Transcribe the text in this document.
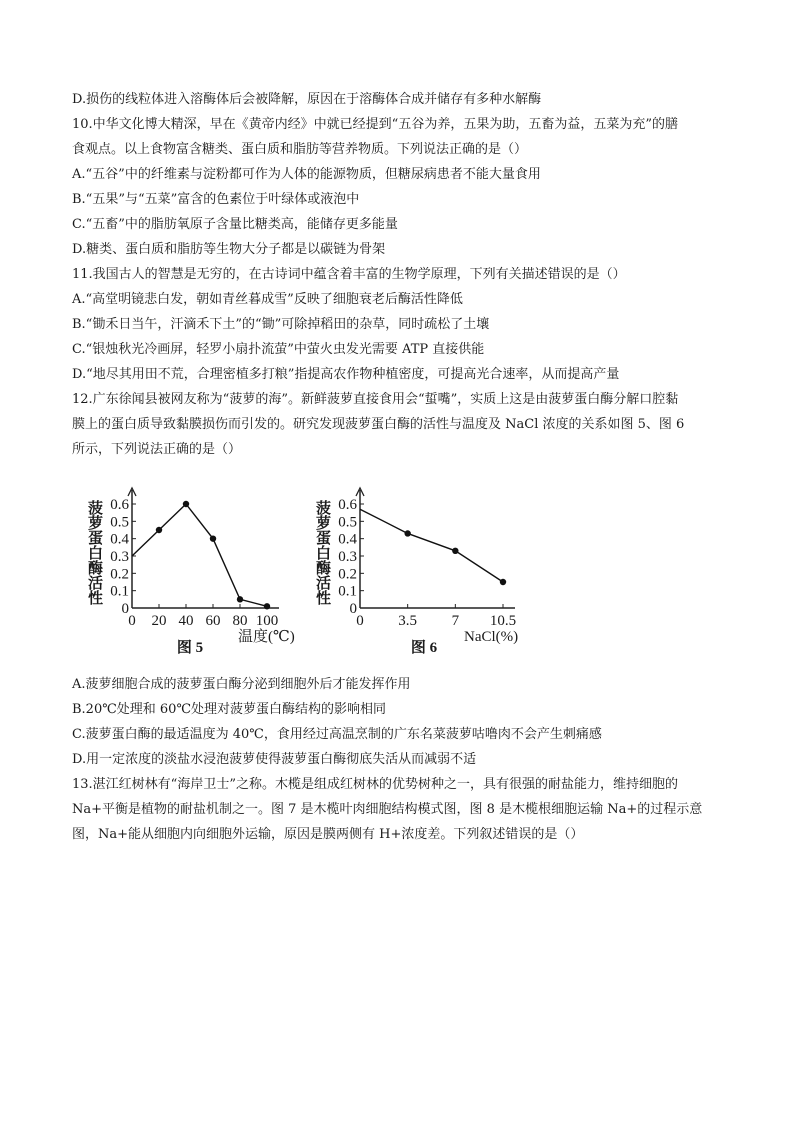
D.损伤的线粒体进入溶酶体后会被降解，原因在于溶酶体合成并储存有多种水解酶
10.中华文化博大精深，早在《黄帝内经》中就已经提到“五谷为养，五果为助，五畜为益，五菜为充”的膳
食观点。以上食物富含糖类、蛋白质和脂肪等营养物质。下列说法正确的是（）
A.“五谷”中的纤维素与淀粉都可作为人体的能源物质，但糖尿病患者不能大量食用
B.“五果”与“五菜”富含的色素位于叶绿体或液泡中
C.“五畜”中的脂肪氧原子含量比糖类高，能储存更多能量
D.糖类、蛋白质和脂肪等生物大分子都是以碳链为骨架
11.我国古人的智慧是无穷的，在古诗词中蕴含着丰富的生物学原理，下列有关描述错误的是（）
A.“高堂明镜悲白发，朝如青丝暮成雪”反映了细胞衰老后酶活性降低
B.“锄禾日当午，汗滴禾下土”的“锄”可除掉稻田的杂草，同时疏松了土壤
C.“银烛秋光冷画屏，轻罗小扇扑流萤”中萤火虫发光需要 ATP 直接供能
D.“地尽其用田不荒，合理密植多打粮”指提高农作物种植密度，可提高光合速率，从而提高产量
12.广东徐闻县被网友称为“菠萝的海”。新鲜菠萝直接食用会“蜇嘴”，实质上这是由菠萝蛋白酶分解口腔黏
膜上的蛋白质导致黏膜损伤而引发的。研究发现菠萝蛋白酶的活性与温度及 NaCl 浓度的关系如图 5、图 6
所示，下列说法正确的是（）
0
0.1
0.2
0.3
0.4
0.5
0.6
0 20 40 60 80 100
菠萝蛋白酶活性
温度(℃)
图 5
0
0.1
0.2
0.3
0.4
0.5
0.6
0 3.5 7 10.5
菠萝蛋白酶活性
NaCl(%)
图 6
A.菠萝细胞合成的菠萝蛋白酶分泌到细胞外后才能发挥作用
B.20℃处理和 60℃处理对菠萝蛋白酶结构的影响相同
C.菠萝蛋白酶的最适温度为 40℃，食用经过高温烹制的广东名菜菠萝咕噜肉不会产生刺痛感
D.用一定浓度的淡盐水浸泡菠萝使得菠萝蛋白酶彻底失活从而减弱不适
13.湛江红树林有“海岸卫士”之称。木榄是组成红树林的优势树种之一，具有很强的耐盐能力，维持细胞的
Na+平衡是植物的耐盐机制之一。图 7 是木榄叶肉细胞结构模式图，图 8 是木榄根细胞运输 Na+的过程示意
图，Na+能从细胞内向细胞外运输，原因是膜两侧有 H+浓度差。下列叙述错误的是（）
